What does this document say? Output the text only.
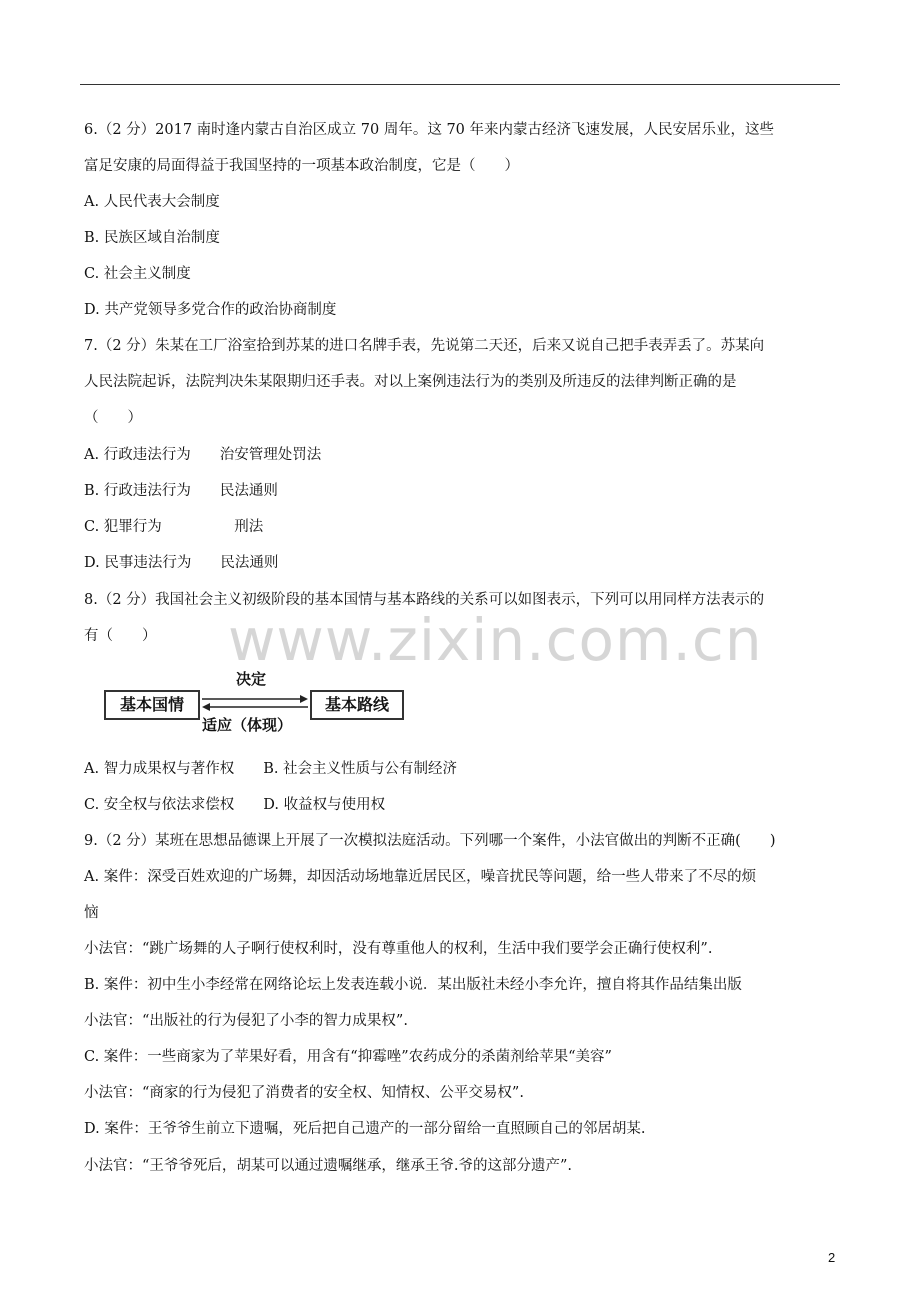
www.zixin.com.cn
6.（2 分）2017 南时逢内蒙古自治区成立 70 周年。这 70 年来内蒙古经济飞速发展，人民安居乐业，这些
富足安康的局面得益于我国坚持的一项基本政治制度，它是（　　）
A. 人民代表大会制度
B. 民族区域自治制度
C. 社会主义制度
D. 共产党领导多党合作的政治协商制度
7.（2 分）朱某在工厂浴室拾到苏某的进口名牌手表，先说第二天还，后来又说自己把手表弄丢了。苏某向
人民法院起诉，法院判决朱某限期归还手表。对以上案例违法行为的类别及所违反的法律判断正确的是
（　　）
A. 行政违法行为　　治安管理处罚法
B. 行政违法行为　　民法通则
C. 犯罪行为　　　　　刑法
D. 民事违法行为　　民法通则
8.（2 分）我国社会主义初级阶段的基本国情与基本路线的关系可以如图表示，下列可以用同样方法表示的
有（　　）
基本国情	基本路线
决定
适应（体现）
A. 智力成果权与著作权　　B. 社会主义性质与公有制经济
C. 安全权与依法求偿权　　D. 收益权与使用权
9.（2 分）某班在思想品德课上开展了一次模拟法庭活动。下列哪一个案件，小法官做出的判断不正确(　　)
A. 案件：深受百姓欢迎的广场舞，却因活动场地靠近居民区，噪音扰民等问题，给一些人带来了不尽的烦
恼
小法官：“跳广场舞的人子啊行使权利时，没有尊重他人的权利，生活中我们要学会正确行使权利”.
B. 案件：初中生小李经常在网络论坛上发表连载小说．某出版社未经小李允许，擅自将其作品结集出版
小法官：“出版社的行为侵犯了小李的智力成果权”.
C. 案件：一些商家为了苹果好看，用含有“抑霉唑”农药成分的杀菌剂给苹果“美容”
小法官：“商家的行为侵犯了消费者的安全权、知情权、公平交易权”.
D. 案件：王爷爷生前立下遗嘱，死后把自己遗产的一部分留给一直照顾自己的邻居胡某.
小法官：“王爷爷死后，胡某可以通过遗嘱继承，继承王爷.爷的这部分遗产”.
2
